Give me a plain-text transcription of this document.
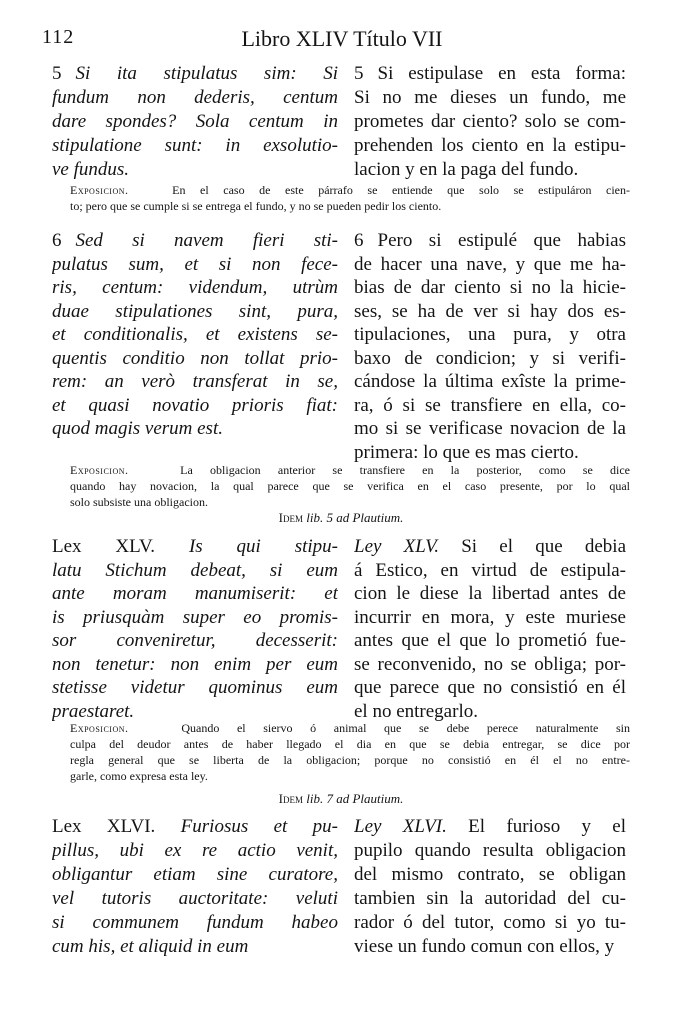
112	Libro XLIV Título VII
5 Si ita stipulatus sim: Si
fundum non dederis, centum
dare spondes? Sola centum in
stipulatione sunt: in exsolutio-
ve fundus.
5 Si estipulase en esta forma:
Si no me dieses un fundo, me
prometes dar ciento? solo se com-
prehenden los ciento en la estipu-
lacion y en la paga del fundo.
Exposicion.	En el caso de este párrafo se entiende que solo se estipuláron cien-
to; pero que se cumple si se entrega el fundo, y no se pueden pedir los ciento.
6 Sed si navem fieri sti-
pulatus sum, et si non fece-
ris, centum: videndum, utrùm
duae stipulationes sint, pura,
et conditionalis, et existens se-
quentis conditio non tollat prio-
rem: an verò transferat in se,
et quasi novatio prioris fiat:
quod magis verum est.
6 Pero si estipulé que habias
de hacer una nave, y que me ha-
bias de dar ciento si no la hicie-
ses, se ha de ver si hay dos es-
tipulaciones, una pura, y otra
baxo de condicion; y si verifi-
cándose la última exîste la prime-
ra, ó si se transfiere en ella, co-
mo si se verificase novacion de la
primera: lo que es mas cierto.
Exposicion.	La obligacion anterior se transfiere en la posterior, como se dice
quando hay novacion, la qual parece que se verifica en el caso presente, por lo qual
solo subsiste una obligacion.
Idem lib. 5 ad Plautium.
Lex XLV. Is qui stipu-
latu Stichum debeat, si eum
ante moram manumiserit: et
is priusquàm super eo promis-
sor conveniretur, decesserit:
non tenetur: non enim per eum
stetisse videtur quominus eum
praestaret.
Ley XLV. Si el que debia
á Estico, en virtud de estipula-
cion le diese la libertad antes de
incurrir en mora, y este muriese
antes que el que lo prometió fue-
se reconvenido, no se obliga; por-
que parece que no consistió en él
el no entregarlo.
Exposicion.	Quando el siervo ó animal que se debe perece naturalmente sin
culpa del deudor antes de haber llegado el dia en que se debia entregar, se dice por
regla general que se liberta de la obligacion; porque no consistió en él el no entre-
garle, como expresa esta ley.
Idem lib. 7 ad Plautium.
Lex XLVI. Furiosus et pu-
pillus, ubi ex re actio venit,
obligantur etiam sine curatore,
vel tutoris auctoritate: veluti
si communem fundum habeo
cum his, et aliquid in eum
Ley XLVI. El furioso y el
pupilo quando resulta obligacion
del mismo contrato, se obligan
tambien sin la autoridad del cu-
rador ó del tutor, como si yo tu-
viese un fundo comun con ellos, y
